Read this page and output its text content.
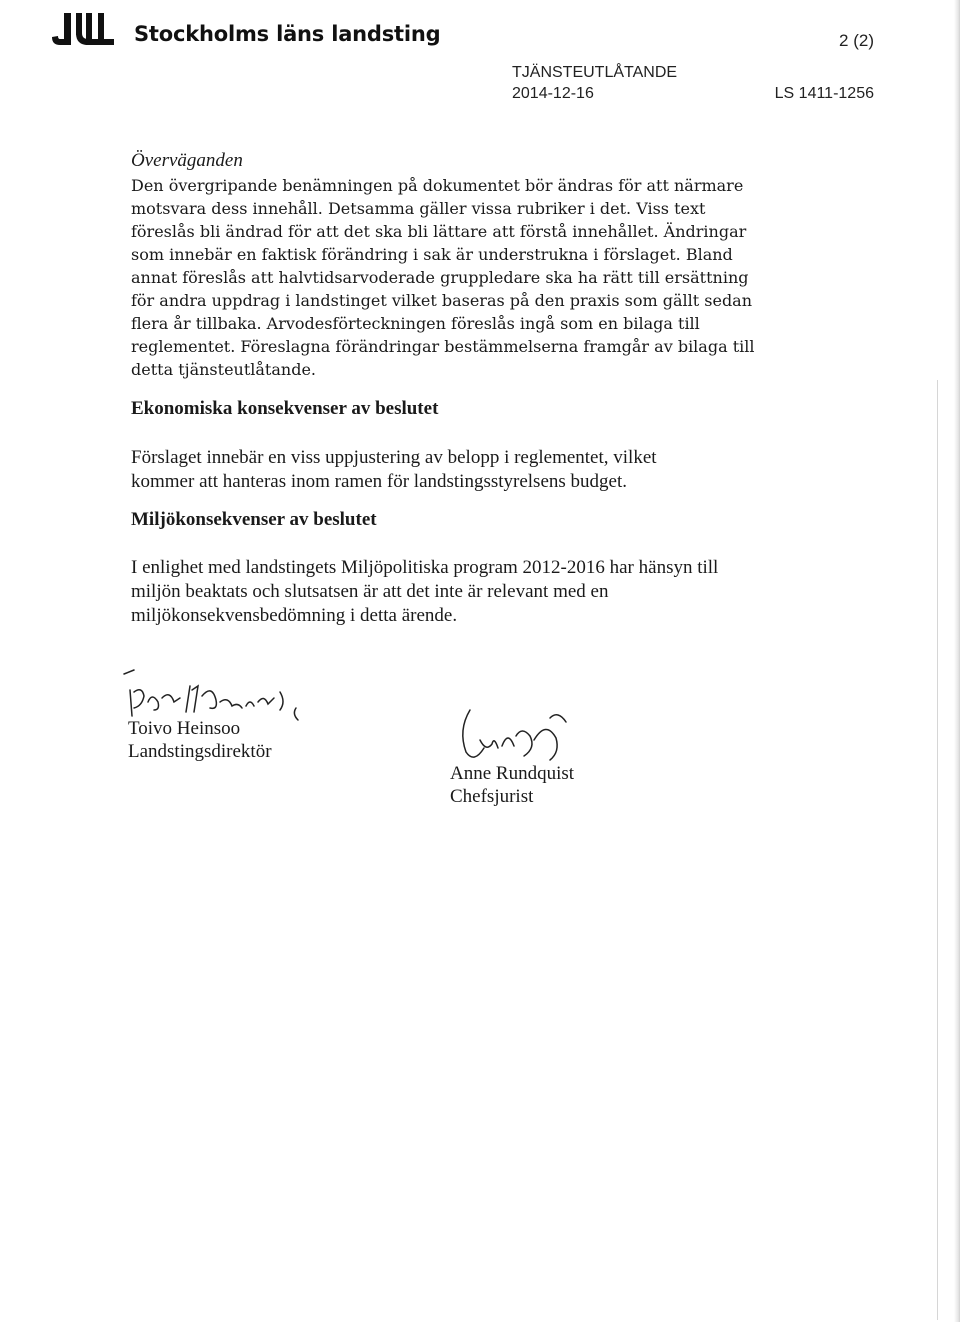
Stockholms läns landsting	2 (2)
TJÄNSTEUTLÅTANDE
2014-12-16	LS 1411-1256
Överväganden
Den övergripande benämningen på dokumentet bör ändras för att närmare motsvara dess innehåll. Detsamma gäller vissa rubriker i det. Viss text föreslås bli ändrad för att det ska bli lättare att förstå innehållet. Ändringar som innebär en faktisk förändring i sak är understrukna i förslaget. Bland annat föreslås att halvtidsarvoderade gruppledare ska ha rätt till ersättning för andra uppdrag i landstinget vilket baseras på den praxis som gällt sedan flera år tillbaka. Arvodesförteckningen föreslås ingå som en bilaga till reglementet. Föreslagna förändringar bestämmelserna framgår av bilaga till detta tjänsteutlåtande.
Ekonomiska konsekvenser av beslutet
Förslaget innebär en viss uppjustering av belopp i reglementet, vilket kommer att hanteras inom ramen för landstingsstyrelsens budget.
Miljökonsekvenser av beslutet
I enlighet med landstingets Miljöpolitiska program 2012-2016 har hänsyn till miljön beaktats och slutsatsen är att det inte är relevant med en miljökonsekvensbedömning i detta ärende.
Toivo Heinsoo
Landstingsdirektör
Anne Rundquist
Chefsjurist
